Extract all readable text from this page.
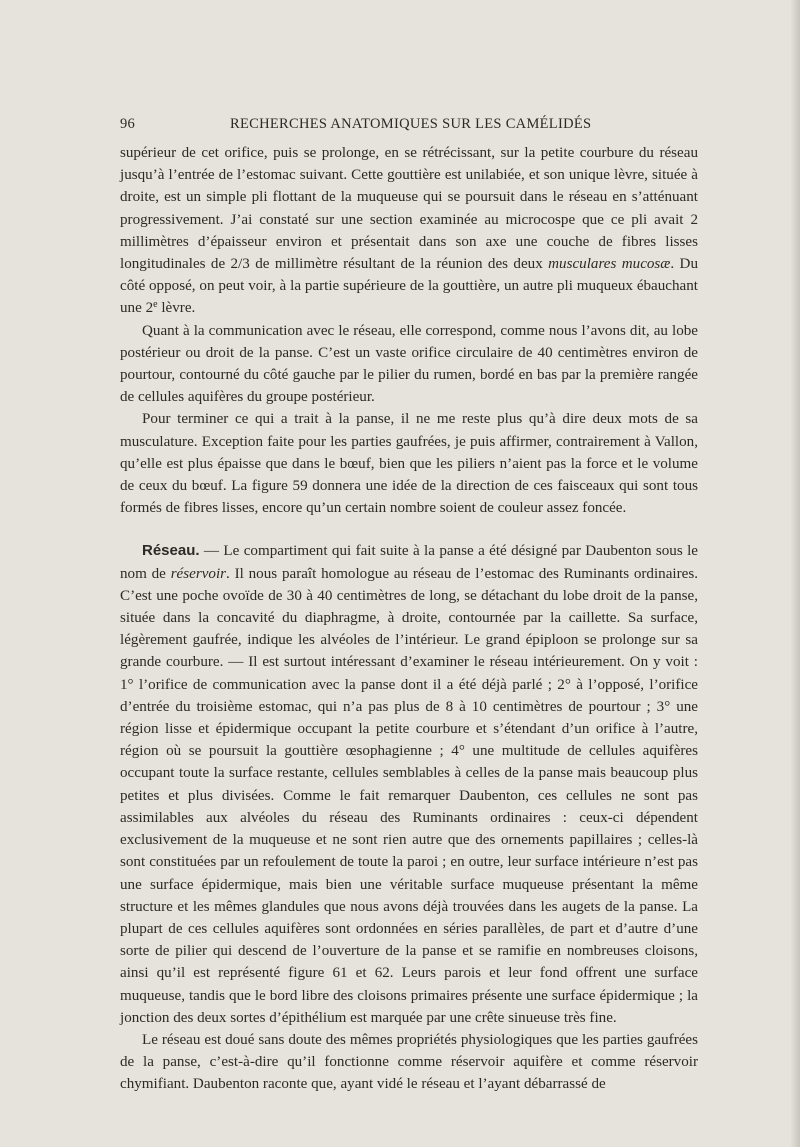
96	RECHERCHES ANATOMIQUES SUR LES CAMÉLIDÉS

supérieur de cet orifice, puis se prolonge, en se rétrécissant, sur la petite courbure du réseau jusqu’à l’entrée de l’estomac suivant. Cette gouttière est unilabiée, et son unique lèvre, située à droite, est un simple pli flottant de la muqueuse qui se poursuit dans le réseau en s’atténuant progressivement. J’ai constaté sur une section examinée au microcospe que ce pli avait 2 millimètres d’épaisseur environ et présentait dans son axe une couche de fibres lisses longitudinales de 2/3 de millimètre résultant de la réunion des deux musculares mucosæ. Du côté opposé, on peut voir, à la partie supérieure de la gouttière, un autre pli muqueux ébauchant une 2e lèvre.

Quant à la communication avec le réseau, elle correspond, comme nous l’avons dit, au lobe postérieur ou droit de la panse. C’est un vaste orifice circulaire de 40 centimètres environ de pourtour, contourné du côté gauche par le pilier du rumen, bordé en bas par la première rangée de cellules aquifères du groupe postérieur.

Pour terminer ce qui a trait à la panse, il ne me reste plus qu’à dire deux mots de sa musculature. Exception faite pour les parties gaufrées, je puis affirmer, contrairement à Vallon, qu’elle est plus épaisse que dans le bœuf, bien que les piliers n’aient pas la force et le volume de ceux du bœuf. La figure 59 donnera une idée de la direction de ces faisceaux qui sont tous formés de fibres lisses, encore qu’un certain nombre soient de couleur assez foncée.

Réseau. — Le compartiment qui fait suite à la panse a été désigné par Daubenton sous le nom de réservoir. Il nous paraît homologue au réseau de l’estomac des Ruminants ordinaires. C’est une poche ovoïde de 30 à 40 centimètres de long, se détachant du lobe droit de la panse, située dans la concavité du diaphragme, à droite, contournée par la caillette. Sa surface, légèrement gaufrée, indique les alvéoles de l’intérieur. Le grand épiploon se prolonge sur sa grande courbure. — Il est surtout intéressant d’examiner le réseau intérieurement. On y voit : 1° l’orifice de communication avec la panse dont il a été déjà parlé ; 2° à l’opposé, l’orifice d’entrée du troisième estomac, qui n’a pas plus de 8 à 10 centimètres de pourtour ; 3° une région lisse et épidermique occupant la petite courbure et s’étendant d’un orifice à l’autre, région où se poursuit la gouttière œsophagienne ; 4° une multitude de cellules aquifères occupant toute la surface restante, cellules semblables à celles de la panse mais beaucoup plus petites et plus divisées. Comme le fait remarquer Daubenton, ces cellules ne sont pas assimilables aux alvéoles du réseau des Ruminants ordinaires : ceux-ci dépendent exclusivement de la muqueuse et ne sont rien autre que des ornements papillaires ; celles-là sont constituées par un refoulement de toute la paroi ; en outre, leur surface intérieure n’est pas une surface épidermique, mais bien une véritable surface muqueuse présentant la même structure et les mêmes glandules que nous avons déjà trouvées dans les augets de la panse. La plupart de ces cellules aquifères sont ordonnées en séries parallèles, de part et d’autre d’une sorte de pilier qui descend de l’ouverture de la panse et se ramifie en nombreuses cloisons, ainsi qu’il est représenté figure 61 et 62. Leurs parois et leur fond offrent une surface muqueuse, tandis que le bord libre des cloisons primaires présente une surface épidermique ; la jonction des deux sortes d’épithélium est marquée par une crête sinueuse très fine.

Le réseau est doué sans doute des mêmes propriétés physiologiques que les parties gaufrées de la panse, c’est-à-dire qu’il fonctionne comme réservoir aquifère et comme réservoir chymifiant. Daubenton raconte que, ayant vidé le réseau et l’ayant débarrassé de
